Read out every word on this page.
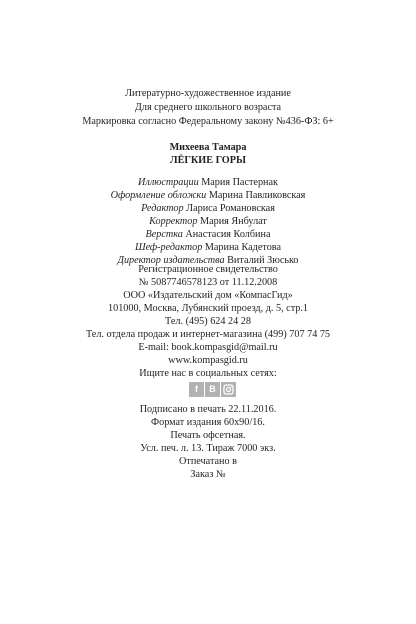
Литературно-художественное издание
Для среднего школьного возраста
Маркировка согласно Федеральному закону №436-ФЗ: 6+
Михеева Тамара
ЛЁГКИЕ ГОРЫ
Иллюстрации Мария Пастернак
Оформление обложки Марина Павликовская
Редактор Лариса Романовская
Корректор Мария Янбулат
Верстка Анастасия Колбина
Шеф-редактор Марина Кадетова
Директор издательства Виталий Зюсько
Регистрационное свидетельство
№ 5087746578123 от 11.12.2008
ООО «Издательский дом «КомпасГид»
101000, Москва, Лубянский проезд, д. 5, стр.1
Тел. (495) 624 24 28
Тел. отдела продаж и интернет-магазина (499) 707 74 75
E-mail: book.kompasgid@mail.ru
www.kompasgid.ru
Ищите нас в социальных сетях:
f	В
Подписано в печать 22.11.2016.
Формат издания 60x90/16.
Печать офсетная.
Усл. печ. л. 13. Тираж 7000 экз.
Отпечатано в
Заказ №
